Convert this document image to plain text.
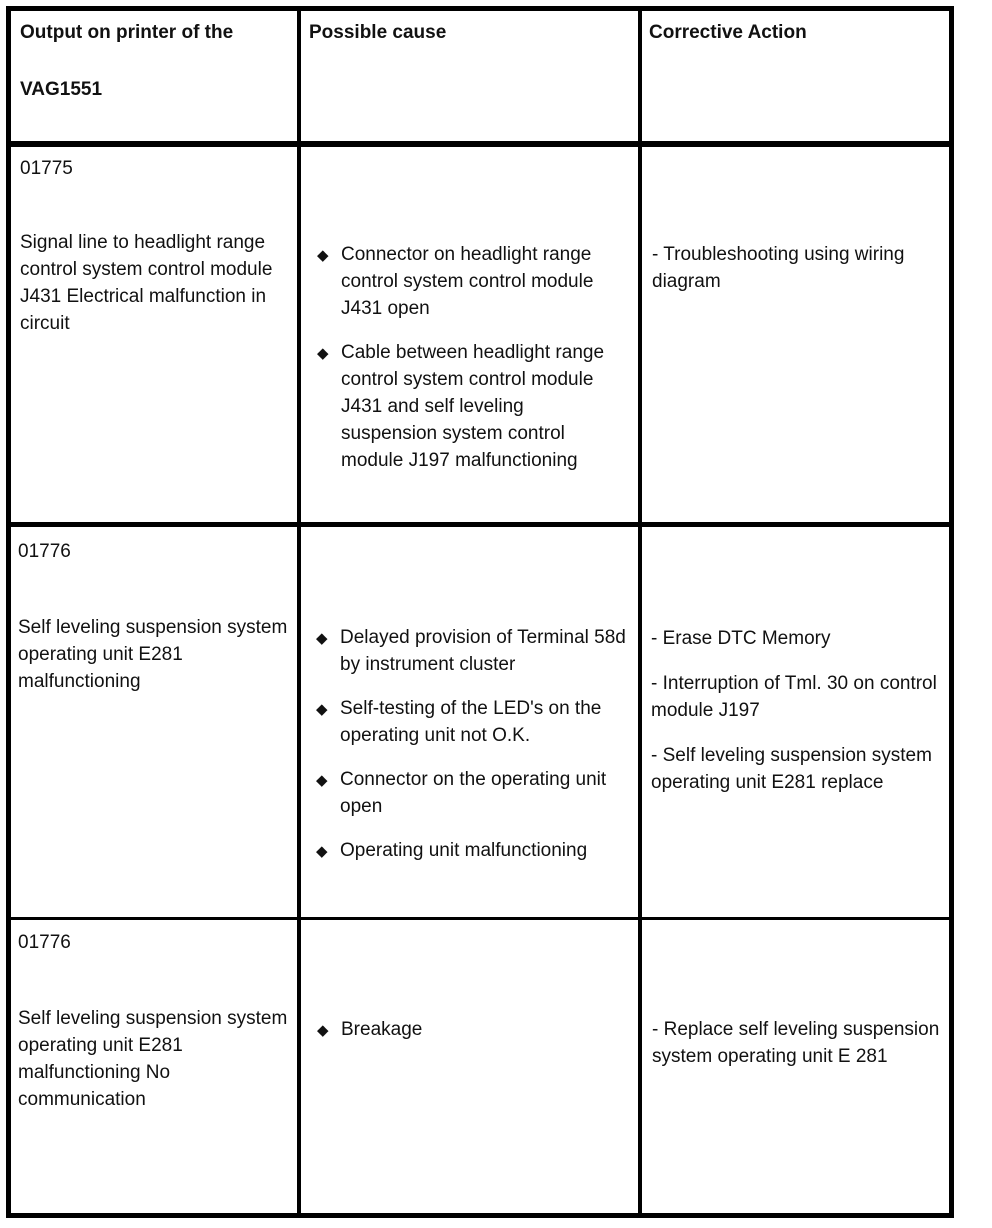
Output on printer of the
VAG1551
Possible cause	Corrective Action
01775
Signal line to headlight range control system control module J431 Electrical malfunction in circuit
◆ Connector on headlight range control system control module J431 open
◆ Cable between headlight range control system control module J431 and self leveling suspension system control module J197 malfunctioning

- Troubleshooting using wiring diagram

01776
Self leveling suspension system operating unit E281 malfunctioning
◆ Delayed provision of Terminal 58d by instrument cluster
◆ Self-testing of the LED's on the operating unit not O.K.
◆ Connector on the operating unit open
◆ Operating unit malfunctioning

- Erase DTC Memory

- Interruption of Tml. 30 on control module J197

- Self leveling suspension system operating unit E281 replace

01776
Self leveling suspension system operating unit E281 malfunctioning No communication
◆ Breakage	- Replace self leveling suspension system operating unit E 281
